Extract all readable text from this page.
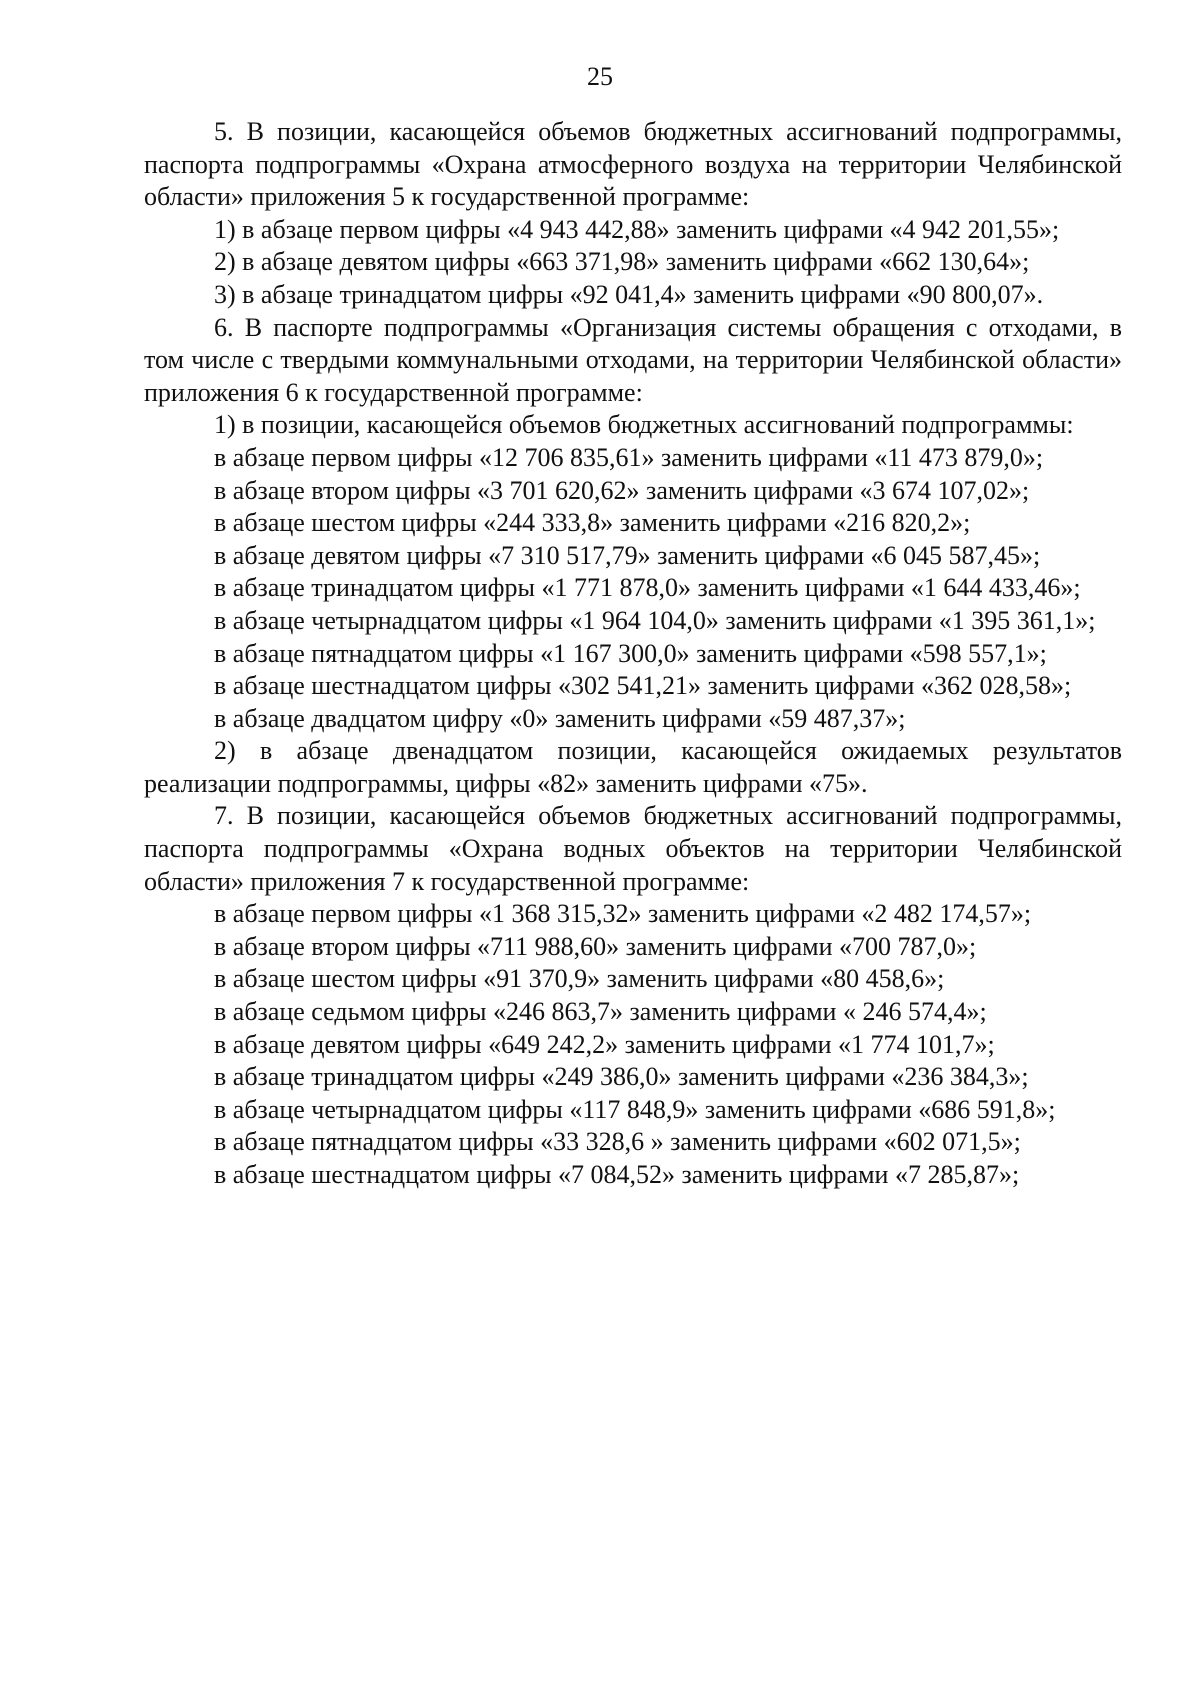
25

5. В позиции, касающейся объемов бюджетных ассигнований подпрограммы, паспорта подпрограммы «Охрана атмосферного воздуха на территории Челябинской области» приложения 5 к государственной программе:

1) в абзаце первом цифры «4 943 442,88» заменить цифрами «4 942 201,55»;

2) в абзаце девятом цифры «663 371,98» заменить цифрами «662 130,64»;

3) в абзаце тринадцатом цифры «92 041,4» заменить цифрами «90 800,07».

6. В паспорте подпрограммы «Организация системы обращения с отходами, в том числе с твердыми коммунальными отходами, на территории Челябинской области» приложения 6 к государственной программе:

1) в позиции, касающейся объемов бюджетных ассигнований подпрограммы:

в абзаце первом цифры «12 706 835,61» заменить цифрами «11 473 879,0»;

в абзаце втором цифры «3 701 620,62» заменить цифрами «3 674 107,02»;

в абзаце шестом цифры «244 333,8» заменить цифрами «216 820,2»;

в абзаце девятом цифры «7 310 517,79» заменить цифрами «6 045 587,45»;

в абзаце тринадцатом цифры «1 771 878,0» заменить цифрами «1 644 433,46»;

в абзаце четырнадцатом цифры «1 964 104,0» заменить цифрами «1 395 361,1»;

в абзаце пятнадцатом цифры «1 167 300,0» заменить цифрами «598 557,1»;

в абзаце шестнадцатом цифры «302 541,21» заменить цифрами «362 028,58»;

в абзаце двадцатом цифру «0» заменить цифрами «59 487,37»;

2) в абзаце двенадцатом позиции, касающейся ожидаемых результатов реализации подпрограммы, цифры «82» заменить цифрами «75».

7. В позиции, касающейся объемов бюджетных ассигнований подпрограммы, паспорта подпрограммы «Охрана водных объектов на территории Челябинской области» приложения 7 к государственной программе:

в абзаце первом цифры «1 368 315,32» заменить цифрами «2 482 174,57»;

в абзаце втором цифры «711 988,60» заменить цифрами «700 787,0»;

в абзаце шестом цифры «91 370,9» заменить цифрами «80 458,6»;

в абзаце седьмом цифры «246 863,7» заменить цифрами « 246 574,4»;

в абзаце девятом цифры «649 242,2» заменить цифрами «1 774 101,7»;

в абзаце тринадцатом цифры «249 386,0» заменить цифрами «236 384,3»;

в абзаце четырнадцатом цифры «117 848,9» заменить цифрами «686 591,8»;

в абзаце пятнадцатом цифры «33 328,6 » заменить цифрами «602 071,5»;

в абзаце шестнадцатом цифры «7 084,52» заменить цифрами «7 285,87»;
